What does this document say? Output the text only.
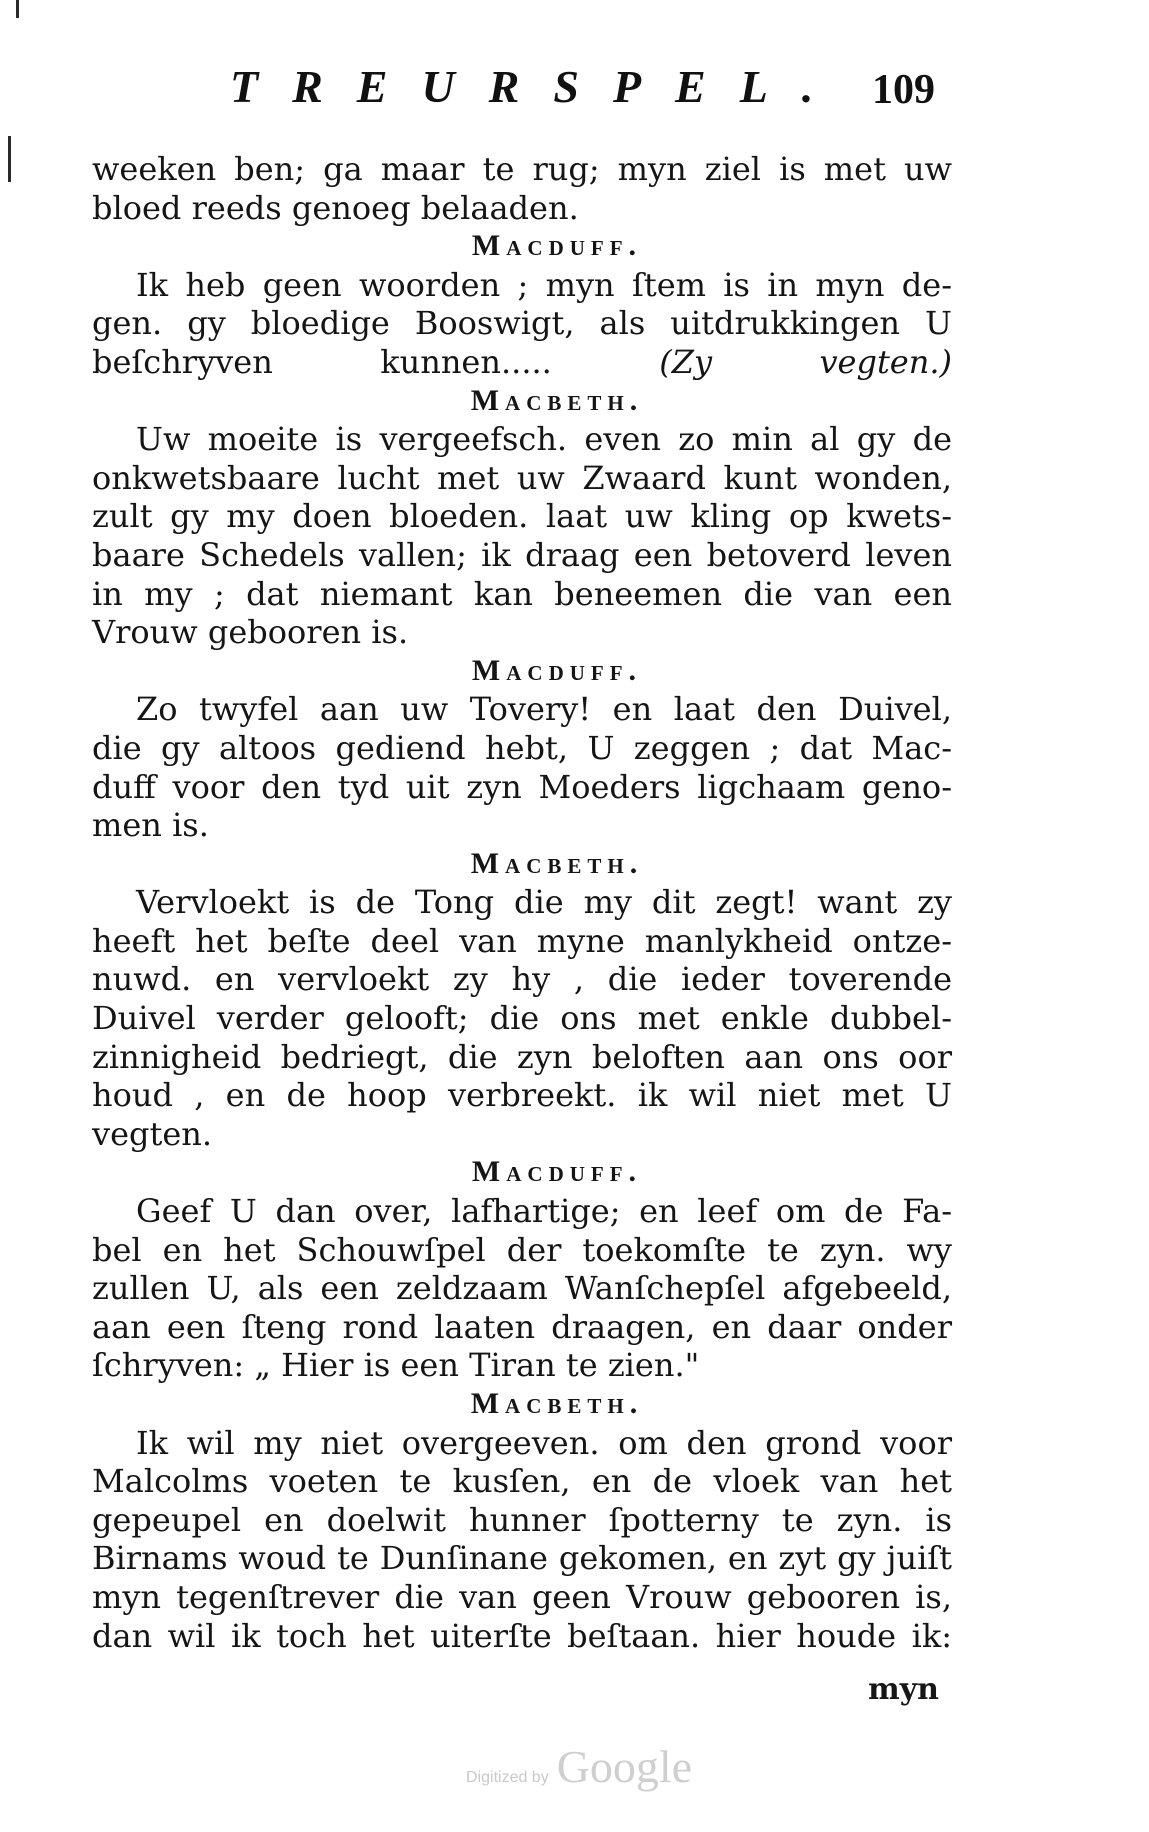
TREURSPEL. 109
weeken ben; ga maar te rug; myn ziel is met uw
bloed reeds genoeg belaaden.
Macduff.
Ik heb geen woorden ; myn ſtem is in myn de-
gen. gy bloedige Booswigt, als uitdrukkingen U
beſchryven kunnen.....	(Zy vegten.)
Macbeth.
Uw moeite is vergeefsch. even zo min al gy de
onkwetsbaare lucht met uw Zwaard kunt wonden,
zult gy my doen bloeden. laat uw kling op kwets-
baare Schedels vallen; ik draag een betoverd leven
in my ; dat niemant kan beneemen die van een
Vrouw gebooren is.
Macduff.
Zo twyfel aan uw Tovery! en laat den Duivel,
die gy altoos gediend hebt, U zeggen ; dat Mac-
duff voor den tyd uit zyn Moeders ligchaam geno-
men is.
Macbeth.
Vervloekt is de Tong die my dit zegt! want zy
heeft het beſte deel van myne manlykheid ontze-
nuwd. en vervloekt zy hy , die ieder toverende
Duivel verder gelooft; die ons met enkle dubbel-
zinnigheid bedriegt, die zyn beloften aan ons oor
houd , en de hoop verbreekt. ik wil niet met U
vegten.
Macduff.
Geef U dan over, lafhartige; en leef om de Fa-
bel en het Schouwſpel der toekomſte te zyn. wy
zullen U, als een zeldzaam Wanſchepſel afgebeeld,
aan een ſteng rond laaten draagen, en daar onder
ſchryven: „ Hier is een Tiran te zien."
Macbeth.
Ik wil my niet overgeeven. om den grond voor
Malcolms voeten te kusſen, en de vloek van het
gepeupel en doelwit hunner ſpotterny te zyn. is
Birnams woud te Dunſinane gekomen, en zyt gy juiſt
myn tegenſtrever die van geen Vrouw gebooren is,
dan wil ik toch het uiterſte beſtaan. hier houde ik:
myn
Digitized by Google
